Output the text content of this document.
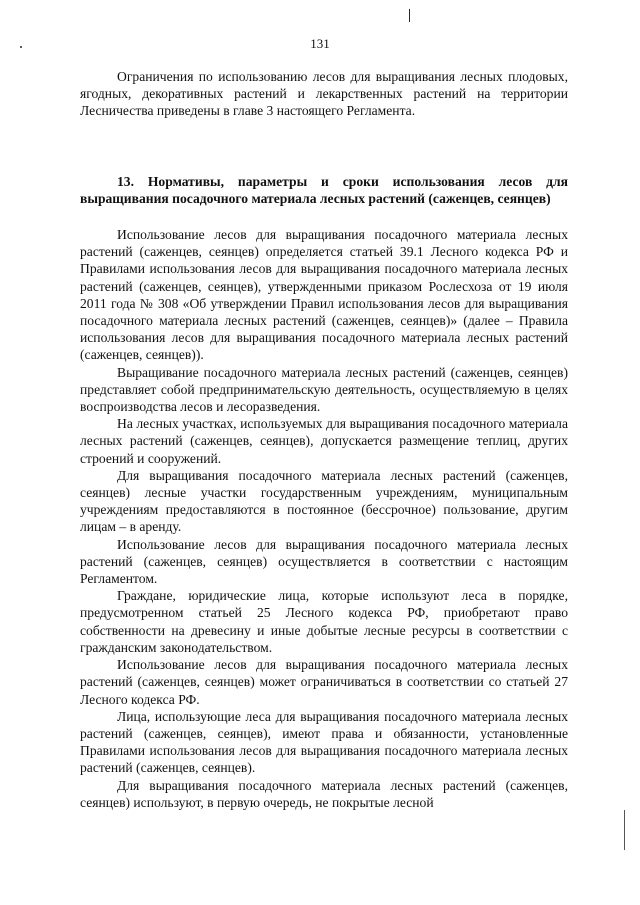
131

Ограничения по использованию лесов для выращивания лесных плодовых, ягодных, декоративных растений и лекарственных растений на территории Лесничества приведены в главе 3 настоящего Регламента.

13. Нормативы, параметры и сроки использования лесов для выращивания посадочного материала лесных растений (саженцев, сеянцев)

Использование лесов для выращивания посадочного материала лесных растений (саженцев, сеянцев) определяется статьей 39.1 Лесного кодекса РФ и Правилами использования лесов для выращивания посадочного материала лесных растений (саженцев, сеянцев), утвержденными приказом Рослесхоза от 19 июля 2011 года № 308 «Об утверждении Правил использования лесов для выращивания посадочного материала лесных растений (саженцев, сеянцев)» (далее – Правила использования лесов для выращивания посадочного материала лесных растений (саженцев, сеянцев)).

Выращивание посадочного материала лесных растений (саженцев, сеянцев) представляет собой предпринимательскую деятельность, осуществляемую в целях воспроизводства лесов и лесоразведения.

На лесных участках, используемых для выращивания посадочного материала лесных растений (саженцев, сеянцев), допускается размещение теплиц, других строений и сооружений.

Для выращивания посадочного материала лесных растений (саженцев, сеянцев) лесные участки государственным учреждениям, муниципальным учреждениям предоставляются в постоянное (бессрочное) пользование, другим лицам – в аренду.

Использование лесов для выращивания посадочного материала лесных растений (саженцев, сеянцев) осуществляется в соответствии с настоящим Регламентом.

Граждане, юридические лица, которые используют леса в порядке, предусмотренном статьей 25 Лесного кодекса РФ, приобретают право собственности на древесину и иные добытые лесные ресурсы в соответствии с гражданским законодательством.

Использование лесов для выращивания посадочного материала лесных растений (саженцев, сеянцев) может ограничиваться в соответствии со статьей 27 Лесного кодекса РФ.

Лица, использующие леса для выращивания посадочного материала лесных растений (саженцев, сеянцев), имеют права и обязанности, установленные Правилами использования лесов для выращивания посадочного материала лесных растений (саженцев, сеянцев).

Для выращивания посадочного материала лесных растений (саженцев, сеянцев) используют, в первую очередь, не покрытые лесной
